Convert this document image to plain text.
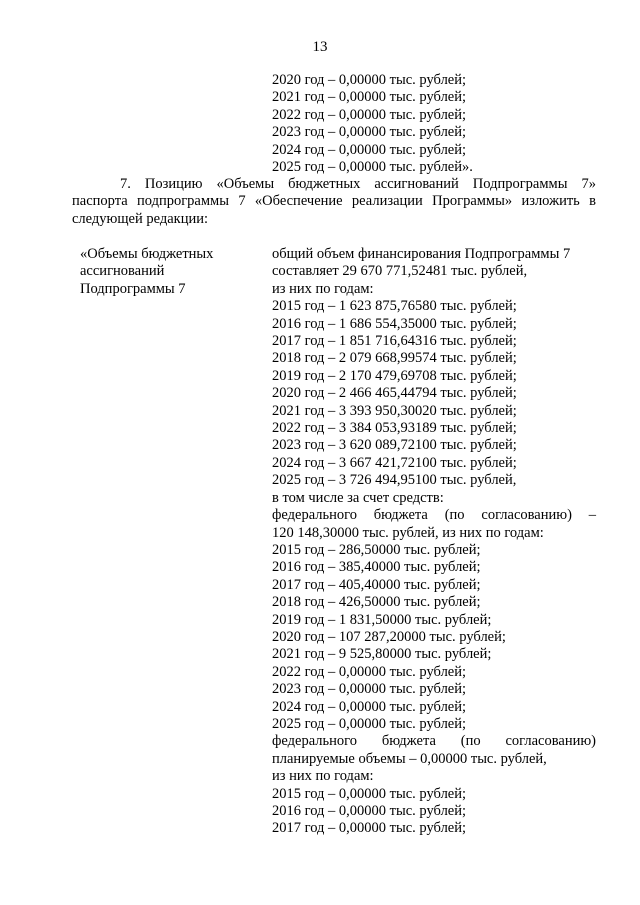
13
2020 год – 0,00000 тыс. рублей;
2021 год – 0,00000 тыс. рублей;
2022 год – 0,00000 тыс. рублей;
2023 год – 0,00000 тыс. рублей;
2024 год – 0,00000 тыс. рублей;
2025 год – 0,00000 тыс. рублей».
7. Позицию «Объемы бюджетных ассигнований Подпрограммы 7»
паспорта подпрограммы 7 «Обеспечение реализации Программы» изложить в
следующей редакции:
«Объемы бюджетных
ассигнований
Подпрограммы 7
общий объем финансирования Подпрограммы 7
составляет 29 670 771,52481 тыс. рублей,
из них по годам:
2015 год – 1 623 875,76580 тыс. рублей;
2016 год – 1 686 554,35000 тыс. рублей;
2017 год – 1 851 716,64316 тыс. рублей;
2018 год – 2 079 668,99574 тыс. рублей;
2019 год – 2 170 479,69708 тыс. рублей;
2020 год – 2 466 465,44794 тыс. рублей;
2021 год – 3 393 950,30020 тыс. рублей;
2022 год – 3 384 053,93189 тыс. рублей;
2023 год – 3 620 089,72100 тыс. рублей;
2024 год – 3 667 421,72100 тыс. рублей;
2025 год – 3 726 494,95100 тыс. рублей,
в том числе за счет средств:
федерального бюджета (по согласованию) –
120 148,30000 тыс. рублей, из них по годам:
2015 год – 286,50000 тыс. рублей;
2016 год – 385,40000 тыс. рублей;
2017 год – 405,40000 тыс. рублей;
2018 год – 426,50000 тыс. рублей;
2019 год – 1 831,50000 тыс. рублей;
2020 год – 107 287,20000 тыс. рублей;
2021 год – 9 525,80000 тыс. рублей;
2022 год – 0,00000 тыс. рублей;
2023 год – 0,00000 тыс. рублей;
2024 год – 0,00000 тыс. рублей;
2025 год – 0,00000 тыс. рублей;
федерального бюджета (по согласованию)
планируемые объемы – 0,00000 тыс. рублей,
из них по годам:
2015 год – 0,00000 тыс. рублей;
2016 год – 0,00000 тыс. рублей;
2017 год – 0,00000 тыс. рублей;
